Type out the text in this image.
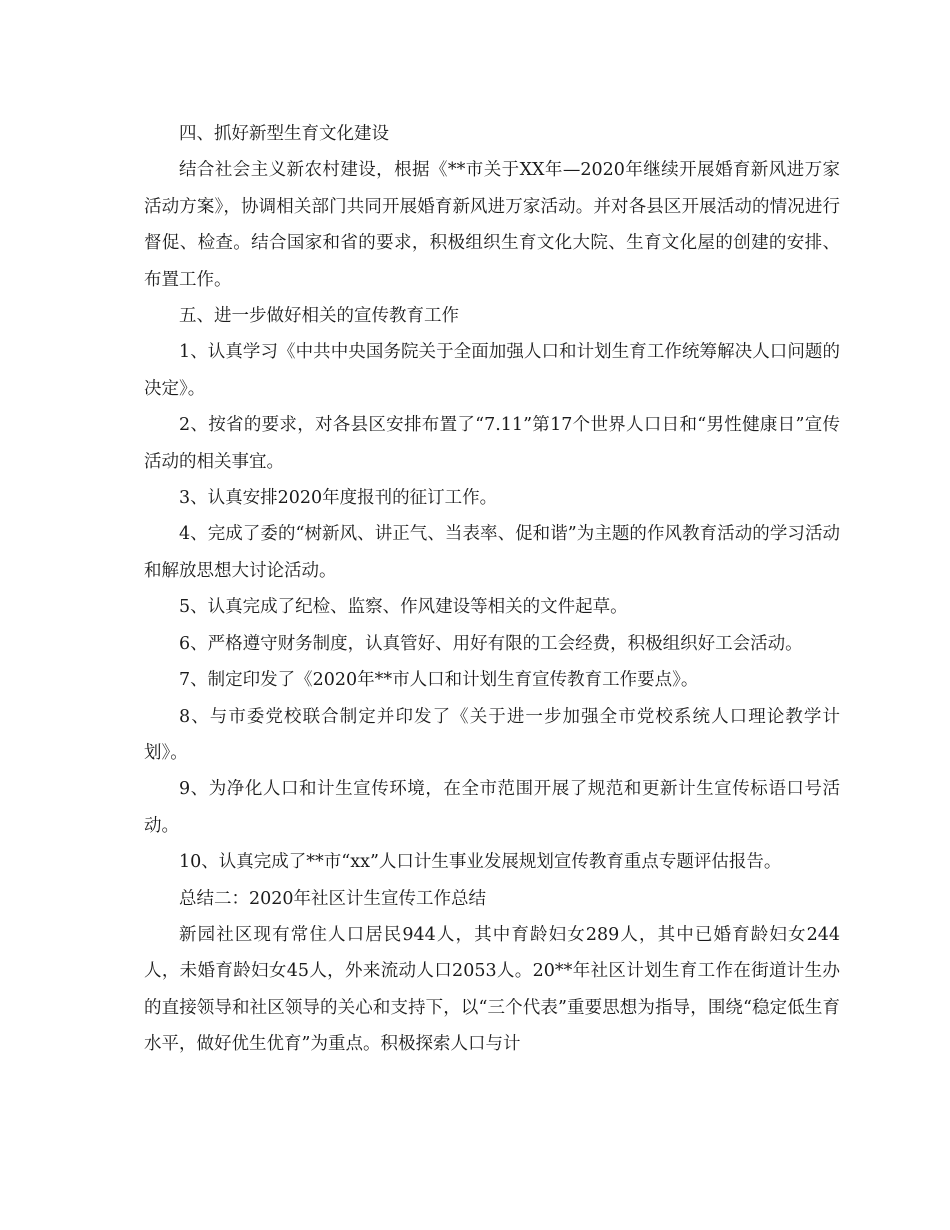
四、抓好新型生育文化建设

结合社会主义新农村建设，根据《**市关于XX年—2020年继续开展婚育新风进万家活动方案》，协调相关部门共同开展婚育新风进万家活动。并对各县区开展活动的情况进行督促、检查。结合国家和省的要求，积极组织生育文化大院、生育文化屋的创建的安排、布置工作。

五、进一步做好相关的宣传教育工作

1、认真学习《中共中央国务院关于全面加强人口和计划生育工作统筹解决人口问题的决定》。

2、按省的要求，对各县区安排布置了“7.11”第17个世界人口日和“男性健康日”宣传活动的相关事宜。

3、认真安排2020年度报刊的征订工作。

4、完成了委的“树新风、讲正气、当表率、促和谐”为主题的作风教育活动的学习活动和解放思想大讨论活动。

5、认真完成了纪检、监察、作风建设等相关的文件起草。

6、严格遵守财务制度，认真管好、用好有限的工会经费，积极组织好工会活动。

7、制定印发了《2020年**市人口和计划生育宣传教育工作要点》。

8、与市委党校联合制定并印发了《关于进一步加强全市党校系统人口理论教学计划》。

9、为净化人口和计生宣传环境，在全市范围开展了规范和更新计生宣传标语口号活动。

10、认真完成了**市“xx”人口计生事业发展规划宣传教育重点专题评估报告。

总结二：2020年社区计生宣传工作总结

新园社区现有常住人口居民944人，其中育龄妇女289人，其中已婚育龄妇女244 人，未婚育龄妇女45人，外来流动人口2053人。20**年社区计划生育工作在街道计生办的直接领导和社区领导的关心和支持下，以“三个代表”重要思想为指导，围绕“稳定低生育水平，做好优生优育”为重点。积极探索人口与计
